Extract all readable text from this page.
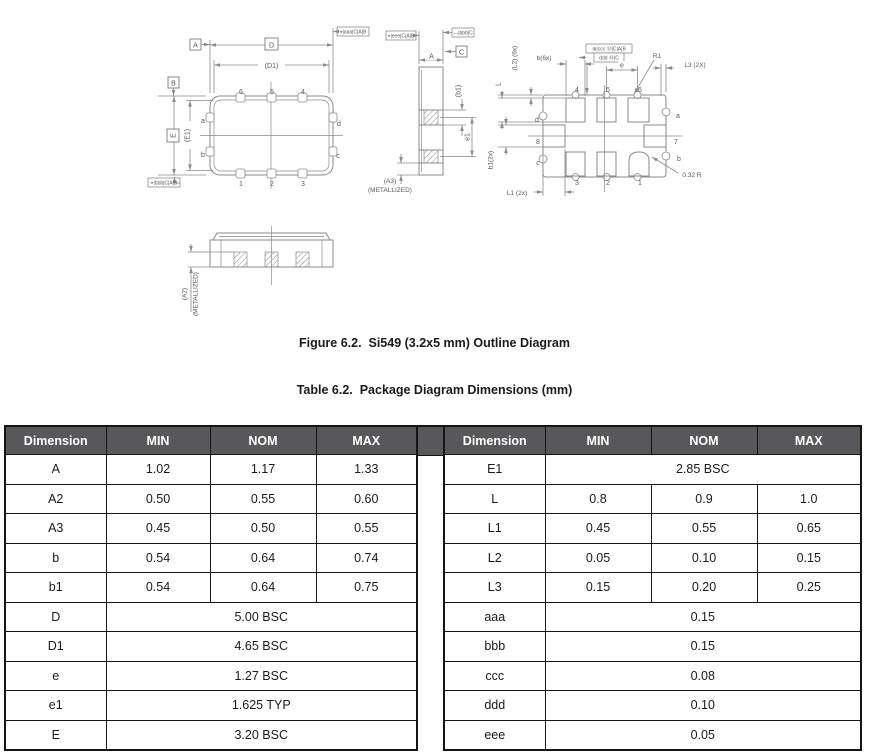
D
A
(D1)
E
B
(E1)
⌖|aaa|C|A|B
⌖|bbb|C|A|B
6	5	4
1	2	3
a
b
d
c
A
⌖|eee|C|A|B	—|bbb|C
C
(b1)
e1
(A3)
(METALLIZED)
(L2) (6x)
L
b(6x)
e
R1
L3 (2X)
⊕|ccc Ⓜ|C|A|B
ddd Ⓜ|C
b1(2x)
L1 (2x)
0.32 R
4	5	6
3	2	1
8	7
d
c
a
b
(A2) (METALLIZED)
Figure 6.2.  Si549 (3.2x5 mm) Outline Diagram
Table 6.2.  Package Diagram Dimensions (mm)
Dimension	MIN	NOM	MAX
A	1.02	1.17	1.33
A2	0.50	0.55	0.60
A3	0.45	0.50	0.55
b	0.54	0.64	0.74
b1	0.54	0.64	0.75
D	5.00 BSC		
D1	4.65 BSC		
e	1.27 BSC		
e1	1.625 TYP		
E	3.20 BSC		
Dimension	MIN	NOM	MAX
E1	2.85 BSC		
L	0.8	0.9	1.0
L1	0.45	0.55	0.65
L2	0.05	0.10	0.15
L3	0.15	0.20	0.25
aaa	0.15		
bbb	0.15		
ccc	0.08		
ddd	0.10		
eee	0.05		
